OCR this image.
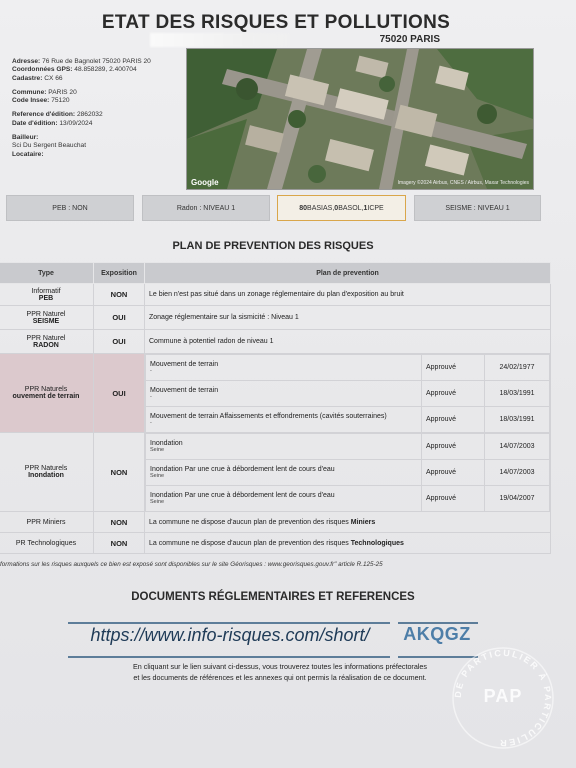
ETAT DES RISQUES ET POLLUTIONS
75020 PARIS
Adresse: 76 Rue de Bagnolet 75020 PARIS 20
Coordonnées GPS: 48.858289, 2.400704
Cadastre: CX 66
Commune: PARIS 20
Code Insee: 75120
Reference d'édition: 2862032
Date d'édition: 13/09/2024
Bailleur:
Sci Du Sergent Beauchat
Locataire:
Google	Imagery ©2024 Airbus, CNES / Airbus, Maxar Technologies
PEB : NON	Radon : NIVEAU 1	80 BASIAS, 0 BASOL, 1 ICPE	SEISME : NIVEAU 1
PLAN DE PREVENTION DES RISQUES
Type	Exposition	Plan de prevention
Informatif
PEB	NON	Le bien n'est pas situé dans un zonage réglementaire du plan d'exposition au bruit
PPR Naturel
SEISME	OUI	Zonage réglementaire sur la sismicité : Niveau 1
PPR Naturel
RADON	OUI	Commune à potentiel radon de niveau 1
PPR Naturels
ouvement de terrain	OUI	
Mouvement de terrain
-	Approuvé	24/02/1977
Mouvement de terrain
-	Approuvé	18/03/1991
Mouvement de terrain Affaissements et effondrements (cavités souterraines)
-	Approuvé	18/03/1991

PPR Naturels
Inondation	NON	
Inondation
Seine	Approuvé	14/07/2003
Inondation Par une crue à débordement lent de cours d'eau
Seine	Approuvé	14/07/2003
Inondation Par une crue à débordement lent de cours d'eau
Seine	Approuvé	19/04/2007

PPR Miniers	NON	La commune ne dispose d'aucun plan de prevention des risques Miniers
PR Technologiques	NON	La commune ne dispose d'aucun plan de prevention des risques Technologiques
formations sur les risques auxquels ce bien est exposé sont disponibles sur le site Géorisques : www.georisques.gouv.fr" article R.125-25
DOCUMENTS RÉGLEMENTAIRES ET REFERENCES
https://www.info-risques.com/short/	AKQGZ
En cliquant sur le lien suivant ci-dessus, vous trouverez toutes les informations préfectorales
et les documents de références et les annexes qui ont permis la réalisation de ce document.
DE PARTICULIER À PARTICULIER
PAP
